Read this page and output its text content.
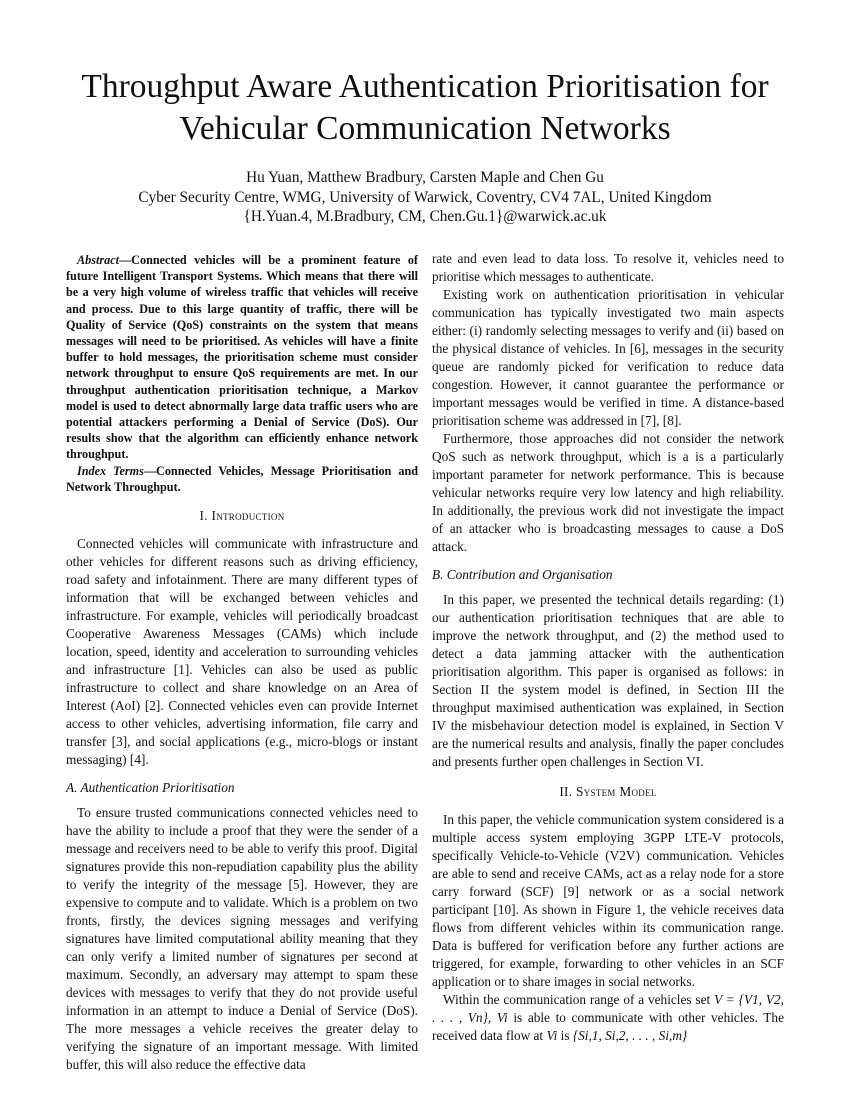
Throughput Aware Authentication Prioritisation for
Vehicular Communication Networks
Hu Yuan, Matthew Bradbury, Carsten Maple and Chen Gu
Cyber Security Centre, WMG, University of Warwick, Coventry, CV4 7AL, United Kingdom
{H.Yuan.4, M.Bradbury, CM, Chen.Gu.1}@warwick.ac.uk

Abstract—Connected vehicles will be a prominent feature of future Intelligent Transport Systems. Which means that there will be a very high volume of wireless traffic that vehicles will receive and process. Due to this large quantity of traffic, there will be Quality of Service (QoS) constraints on the system that means messages will need to be prioritised. As vehicles will have a finite buffer to hold messages, the prioritisation scheme must consider network throughput to ensure QoS requirements are met. In our throughput authentication prioritisation technique, a Markov model is used to detect abnormally large data traffic users who are potential attackers performing a Denial of Service (DoS). Our results show that the algorithm can efficiently enhance network throughput.

Index Terms—Connected Vehicles, Message Prioritisation and Network Throughput.

I. Introduction

Connected vehicles will communicate with infrastructure and other vehicles for different reasons such as driving efficiency, road safety and infotainment. There are many different types of information that will be exchanged between vehicles and infrastructure. For example, vehicles will periodically broadcast Cooperative Awareness Messages (CAMs) which include location, speed, identity and acceleration to surrounding vehicles and infrastructure [1]. Vehicles can also be used as public infrastructure to collect and share knowledge on an Area of Interest (AoI) [2]. Connected vehicles even can provide Internet access to other vehicles, advertising information, file carry and transfer [3], and social applications (e.g., micro-blogs or instant messaging) [4].

A. Authentication Prioritisation

To ensure trusted communications connected vehicles need to have the ability to include a proof that they were the sender of a message and receivers need to be able to verify this proof. Digital signatures provide this non-repudiation capability plus the ability to verify the integrity of the message [5]. However, they are expensive to compute and to validate. Which is a problem on two fronts, firstly, the devices signing messages and verifying signatures have limited computational ability meaning that they can only verify a limited number of signatures per second at maximum. Secondly, an adversary may attempt to spam these devices with messages to verify that they do not provide useful information in an attempt to induce a Denial of Service (DoS). The more messages a vehicle receives the greater delay to verifying the signature of an important message. With limited buffer, this will also reduce the effective data

rate and even lead to data loss. To resolve it, vehicles need to prioritise which messages to authenticate.

Existing work on authentication prioritisation in vehicular communication has typically investigated two main aspects either: (i) randomly selecting messages to verify and (ii) based on the physical distance of vehicles. In [6], messages in the security queue are randomly picked for verification to reduce data congestion. However, it cannot guarantee the performance or important messages would be verified in time. A distance-based prioritisation scheme was addressed in [7], [8].

Furthermore, those approaches did not consider the network QoS such as network throughput, which is a is a particularly important parameter for network performance. This is because vehicular networks require very low latency and high reliability. In additionally, the previous work did not investigate the impact of an attacker who is broadcasting messages to cause a DoS attack.

B. Contribution and Organisation

In this paper, we presented the technical details regarding: (1) our authentication prioritisation techniques that are able to improve the network throughput, and (2) the method used to detect a data jamming attacker with the authentication prioritisation algorithm. This paper is organised as follows: in Section II the system model is defined, in Section III the throughput maximised authentication was explained, in Section IV the misbehaviour detection model is explained, in Section V are the numerical results and analysis, finally the paper concludes and presents further open challenges in Section VI.

II. System Model

In this paper, the vehicle communication system considered is a multiple access system employing 3GPP LTE-V protocols, specifically Vehicle-to-Vehicle (V2V) communication. Vehicles are able to send and receive CAMs, act as a relay node for a store carry forward (SCF) [9] network or as a social network participant [10]. As shown in Figure 1, the vehicle receives data flows from different vehicles within its communication range. Data is buffered for verification before any further actions are triggered, for example, forwarding to other vehicles in an SCF application or to share images in social networks.

Within the communication range of a vehicles set V = {V1, V2, . . . , Vn}, Vi is able to communicate with other vehicles. The received data flow at Vi is {Si,1, Si,2, . . . , Si,m}
